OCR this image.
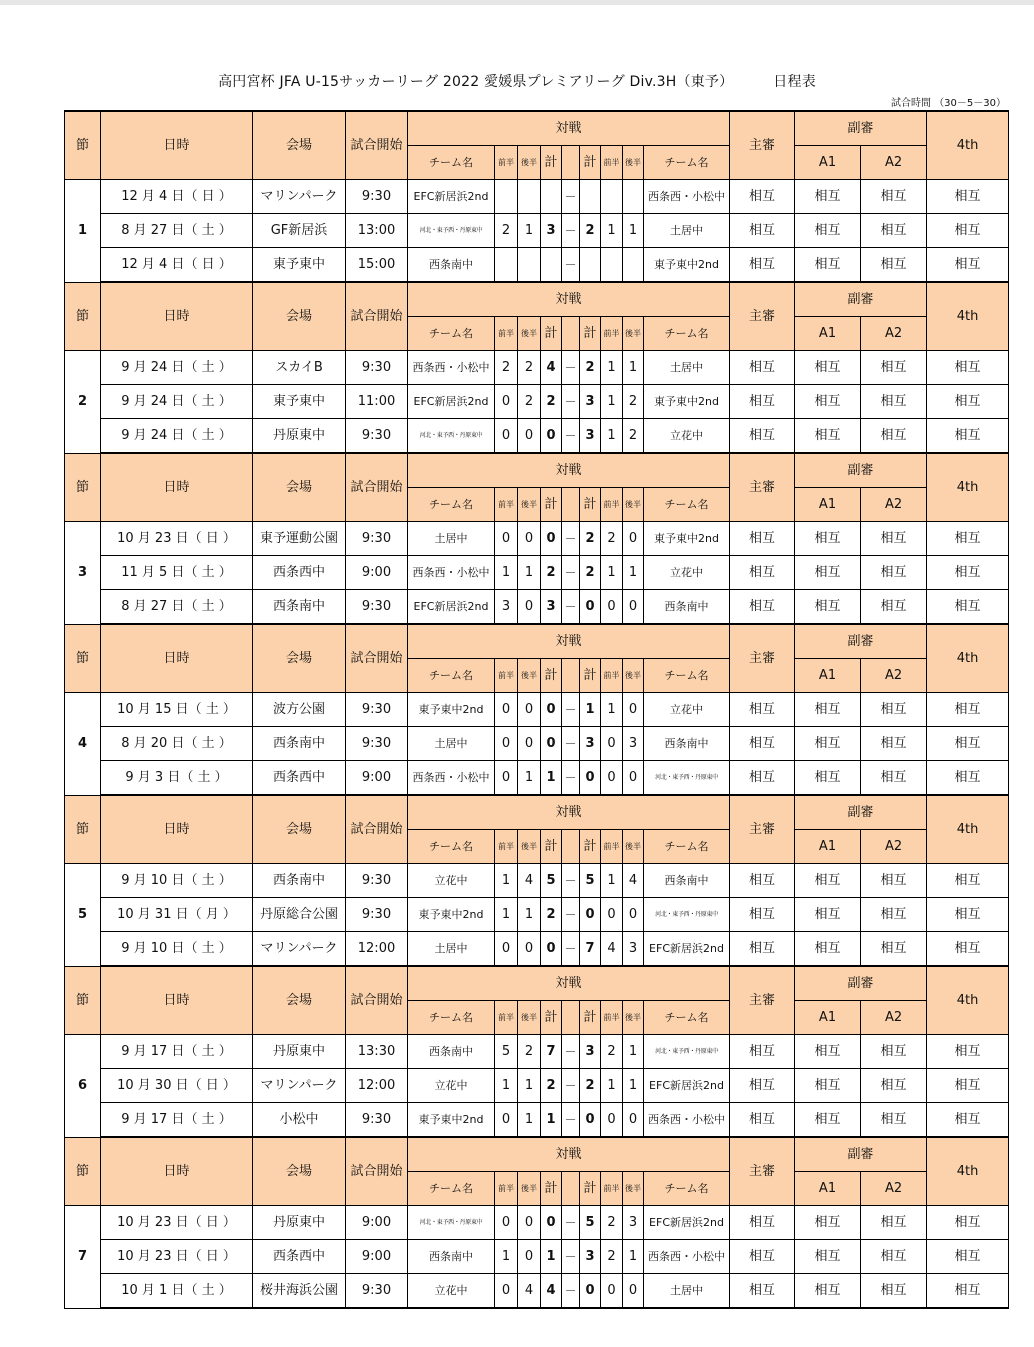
高円宮杯 JFA U-15サッカーリーグ 2022 愛媛県プレミアリーグ Div.3H（東予）	日程表
試合時間 （30－5－30）
節	日時	会場	試合開始	対戦									主審	副審		4th
				チーム名	前半	後半	計		計	前半	後半	チーム名		A1	A2	
1	12 月 4 日（ 日 ）	マリンパーク	9:30	EFC新居浜2nd				－				西条西・小松中	相互	相互	相互	相互
	8 月 27 日（ 土 ）	GF新居浜	13:00	河北・東予西・丹原東中	2	1	3	－	2	1	1	土居中	相互	相互	相互	相互
	12 月 4 日（ 日 ）	東予東中	15:00	西条南中				－				東予東中2nd	相互	相互	相互	相互
節	日時	会場	試合開始	対戦									主審	副審		4th
				チーム名	前半	後半	計		計	前半	後半	チーム名		A1	A2	
2	9 月 24 日（ 土 ）	スカイB	9:30	西条西・小松中	2	2	4	－	2	1	1	土居中	相互	相互	相互	相互
	9 月 24 日（ 土 ）	東予東中	11:00	EFC新居浜2nd	0	2	2	－	3	1	2	東予東中2nd	相互	相互	相互	相互
	9 月 24 日（ 土 ）	丹原東中	9:30	河北・東予西・丹原東中	0	0	0	－	3	1	2	立花中	相互	相互	相互	相互
節	日時	会場	試合開始	対戦									主審	副審		4th
				チーム名	前半	後半	計		計	前半	後半	チーム名		A1	A2	
3	10 月 23 日（ 日 ）	東予運動公園	9:30	土居中	0	0	0	－	2	2	0	東予東中2nd	相互	相互	相互	相互
	11 月 5 日（ 土 ）	西条西中	9:00	西条西・小松中	1	1	2	－	2	1	1	立花中	相互	相互	相互	相互
	8 月 27 日（ 土 ）	西条南中	9:30	EFC新居浜2nd	3	0	3	－	0	0	0	西条南中	相互	相互	相互	相互
節	日時	会場	試合開始	対戦									主審	副審		4th
				チーム名	前半	後半	計		計	前半	後半	チーム名		A1	A2	
4	10 月 15 日（ 土 ）	波方公園	9:30	東予東中2nd	0	0	0	－	1	1	0	立花中	相互	相互	相互	相互
	8 月 20 日（ 土 ）	西条南中	9:30	土居中	0	0	0	－	3	0	3	西条南中	相互	相互	相互	相互
	9 月 3 日（ 土 ）	西条西中	9:00	西条西・小松中	0	1	1	－	0	0	0	河北・東予西・丹原東中	相互	相互	相互	相互
節	日時	会場	試合開始	対戦									主審	副審		4th
				チーム名	前半	後半	計		計	前半	後半	チーム名		A1	A2	
5	9 月 10 日（ 土 ）	西条南中	9:30	立花中	1	4	5	－	5	1	4	西条南中	相互	相互	相互	相互
	10 月 31 日（ 月 ）	丹原総合公園	9:30	東予東中2nd	1	1	2	－	0	0	0	河北・東予西・丹原東中	相互	相互	相互	相互
	9 月 10 日（ 土 ）	マリンパーク	12:00	土居中	0	0	0	－	7	4	3	EFC新居浜2nd	相互	相互	相互	相互
節	日時	会場	試合開始	対戦									主審	副審		4th
				チーム名	前半	後半	計		計	前半	後半	チーム名		A1	A2	
6	9 月 17 日（ 土 ）	丹原東中	13:30	西条南中	5	2	7	－	3	2	1	河北・東予西・丹原東中	相互	相互	相互	相互
	10 月 30 日（ 日 ）	マリンパーク	12:00	立花中	1	1	2	－	2	1	1	EFC新居浜2nd	相互	相互	相互	相互
	9 月 17 日（ 土 ）	小松中	9:30	東予東中2nd	0	1	1	－	0	0	0	西条西・小松中	相互	相互	相互	相互
節	日時	会場	試合開始	対戦									主審	副審		4th
				チーム名	前半	後半	計		計	前半	後半	チーム名		A1	A2	
7	10 月 23 日（ 日 ）	丹原東中	9:00	河北・東予西・丹原東中	0	0	0	－	5	2	3	EFC新居浜2nd	相互	相互	相互	相互
	10 月 23 日（ 日 ）	西条西中	9:00	西条南中	1	0	1	－	3	2	1	西条西・小松中	相互	相互	相互	相互
	10 月 1 日（ 土 ）	桜井海浜公園	9:30	立花中	0	4	4	－	0	0	0	土居中	相互	相互	相互	相互
